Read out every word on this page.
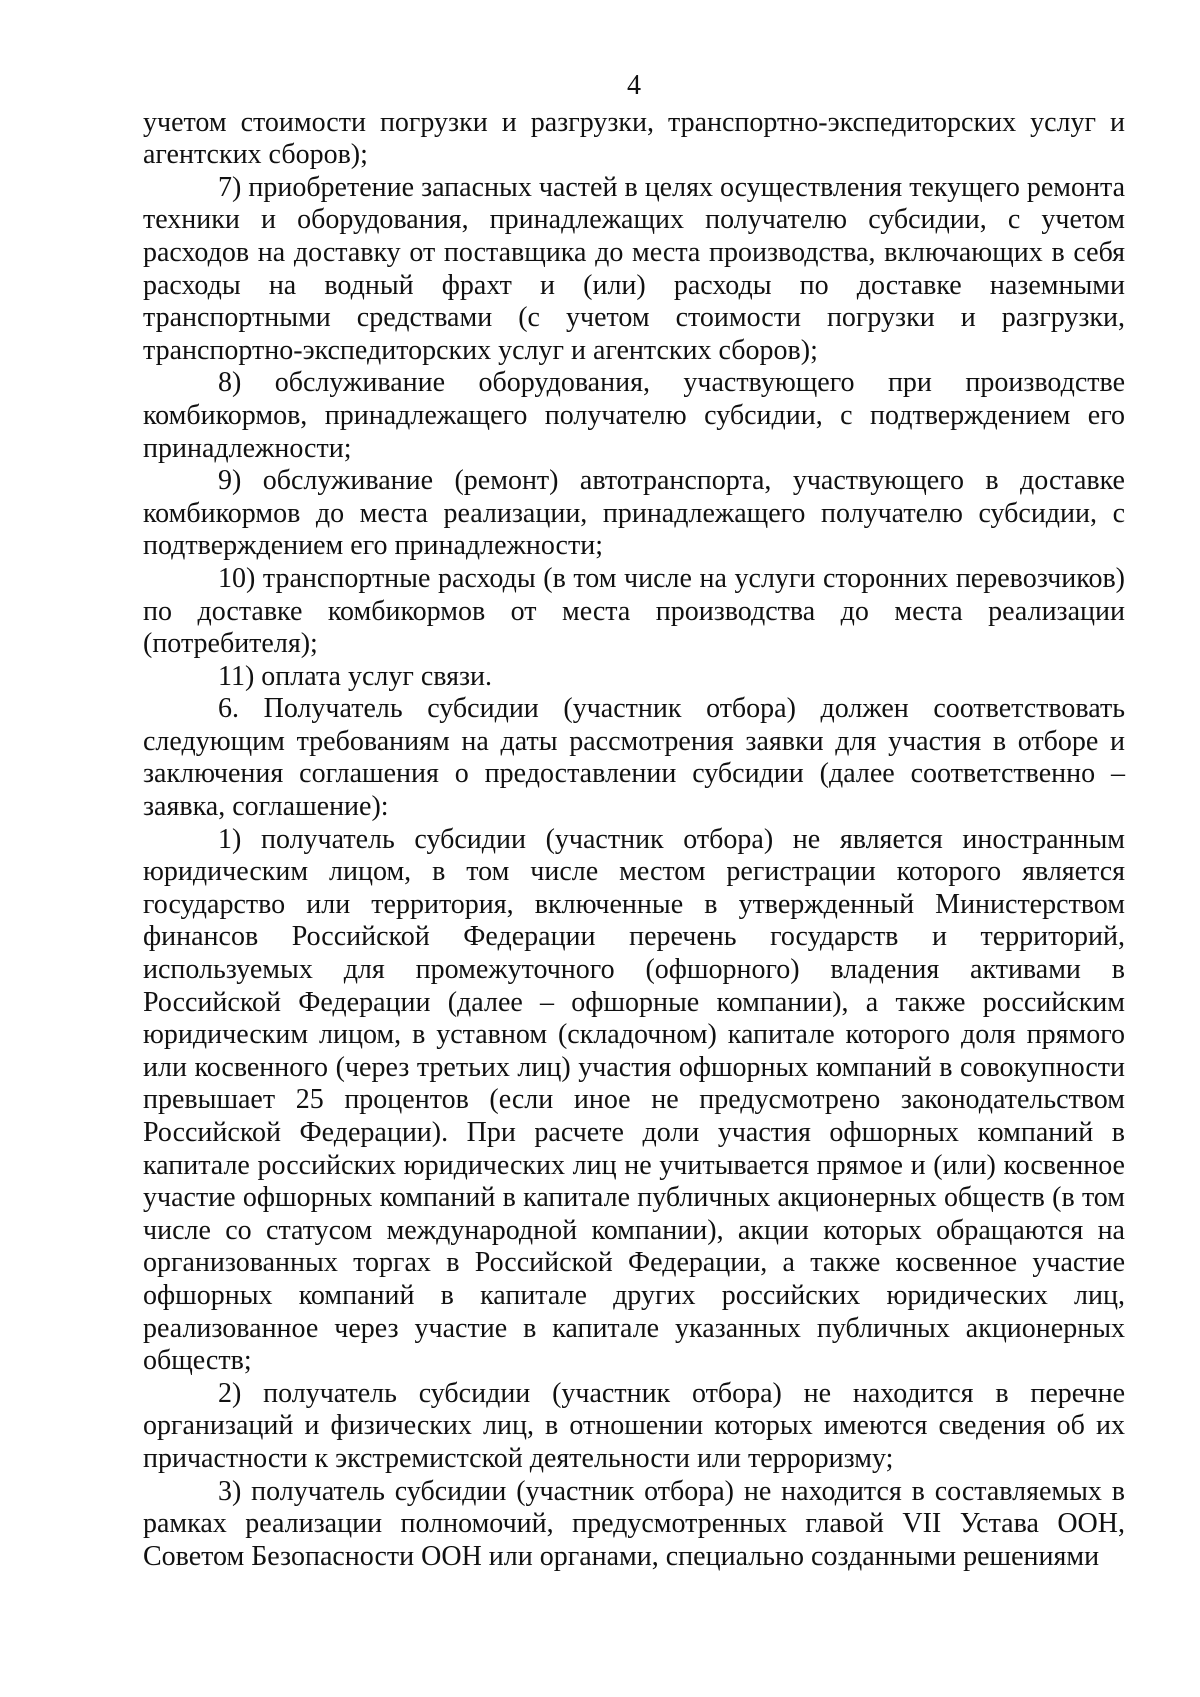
4

учетом стоимости погрузки и разгрузки, транспортно-экспедиторских услуг и агентских сборов);

7) приобретение запасных частей в целях осуществления текущего ремонта техники и оборудования, принадлежащих получателю субсидии, с учетом расходов на доставку от поставщика до места производства, включающих в себя расходы на водный фрахт и (или) расходы по доставке наземными транспортными средствами (с учетом стоимости погрузки и разгрузки, транспортно-экспедиторских услуг и агентских сборов);

8) обслуживание оборудования, участвующего при производстве комбикормов, принадлежащего получателю субсидии, с подтверждением его принадлежности;

9) обслуживание (ремонт) автотранспорта, участвующего в доставке комбикормов до места реализации, принадлежащего получателю субсидии, с подтверждением его принадлежности;

10) транспортные расходы (в том числе на услуги сторонних перевозчиков) по доставке комбикормов от места производства до места реализации (потребителя);

11) оплата услуг связи.

6. Получатель субсидии (участник отбора) должен соответствовать следующим требованиям на даты рассмотрения заявки для участия в отборе и заключения соглашения о предоставлении субсидии (далее соответственно – заявка, соглашение):

1) получатель субсидии (участник отбора) не является иностранным юридическим лицом, в том числе местом регистрации которого является государство или территория, включенные в утвержденный Министерством финансов Российской Федерации перечень государств и территорий, используемых для промежуточного (офшорного) владения активами в Российской Федерации (далее – офшорные компании), а также российским юридическим лицом, в уставном (складочном) капитале которого доля прямого или косвенного (через третьих лиц) участия офшорных компаний в совокупности превышает 25 процентов (если иное не предусмотрено законодательством Российской Федерации). При расчете доли участия офшорных компаний в капитале российских юридических лиц не учитывается прямое и (или) косвенное участие офшорных компаний в капитале публичных акционерных обществ (в том числе со статусом международной компании), акции которых обращаются на организованных торгах в Российской Федерации, а также косвенное участие офшорных компаний в капитале других российских юридических лиц, реализованное через участие в капитале указанных публичных акционерных обществ;

2) получатель субсидии (участник отбора) не находится в перечне организаций и физических лиц, в отношении которых имеются сведения об их причастности к экстремистской деятельности или терроризму;

3) получатель субсидии (участник отбора) не находится в составляемых в рамках реализации полномочий, предусмотренных главой VII Устава ООН, Советом Безопасности ООН или органами, специально созданными решениями
